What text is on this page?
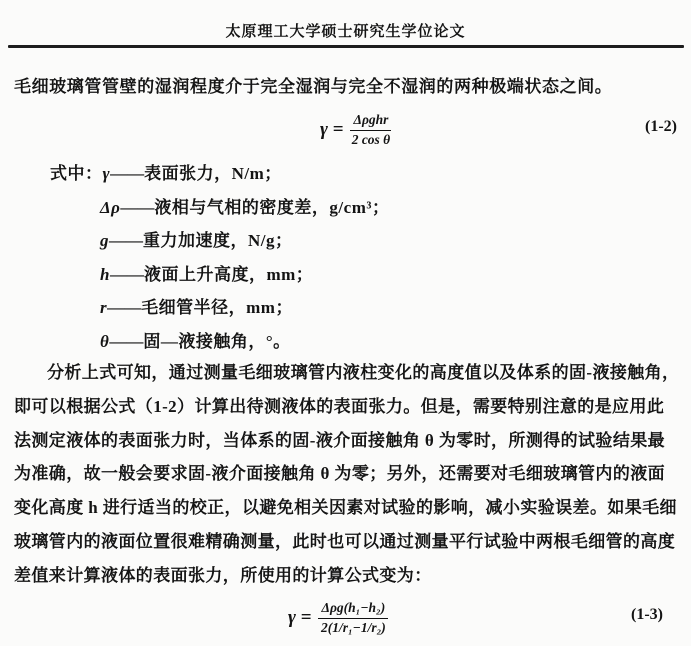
太原理工大学硕士研究生学位论文
毛细玻璃管管壁的湿润程度介于完全湿润与完全不湿润的两种极端状态之间。
$\gamma = \frac{\text{Δρghr}}{\text{2 cos θ}}$	(1-2)
式中：γ——表面张力，N/m；
Δρ——液相与气相的密度差，g/cm³；
g——重力加速度，N/g；
h——液面上升高度，mm；
r——毛细管半径，mm；
θ——固—液接触角，°。
分析上式可知，通过测量毛细玻璃管内液柱变化的高度值以及体系的固-液接触角，
即可以根据公式（1-2）计算出待测液体的表面张力。但是，需要特别注意的是应用此
法测定液体的表面张力时，当体系的固-液介面接触角 θ 为零时，所测得的试验结果最
为准确，故一般会要求固-液介面接触角 θ 为零；另外，还需要对毛细玻璃管内的液面
变化高度 h 进行适当的校正，以避免相关因素对试验的影响，减小实验误差。如果毛细
玻璃管内的液面位置很难精确测量，此时也可以通过测量平行试验中两根毛细管的高度
差值来计算液体的表面张力，所使用的计算公式变为：
$\gamma = \frac{\text{Δρg(h₁−h₂)}}{\text{2(1/r₁−1/r₂)}}$	(1-3)
